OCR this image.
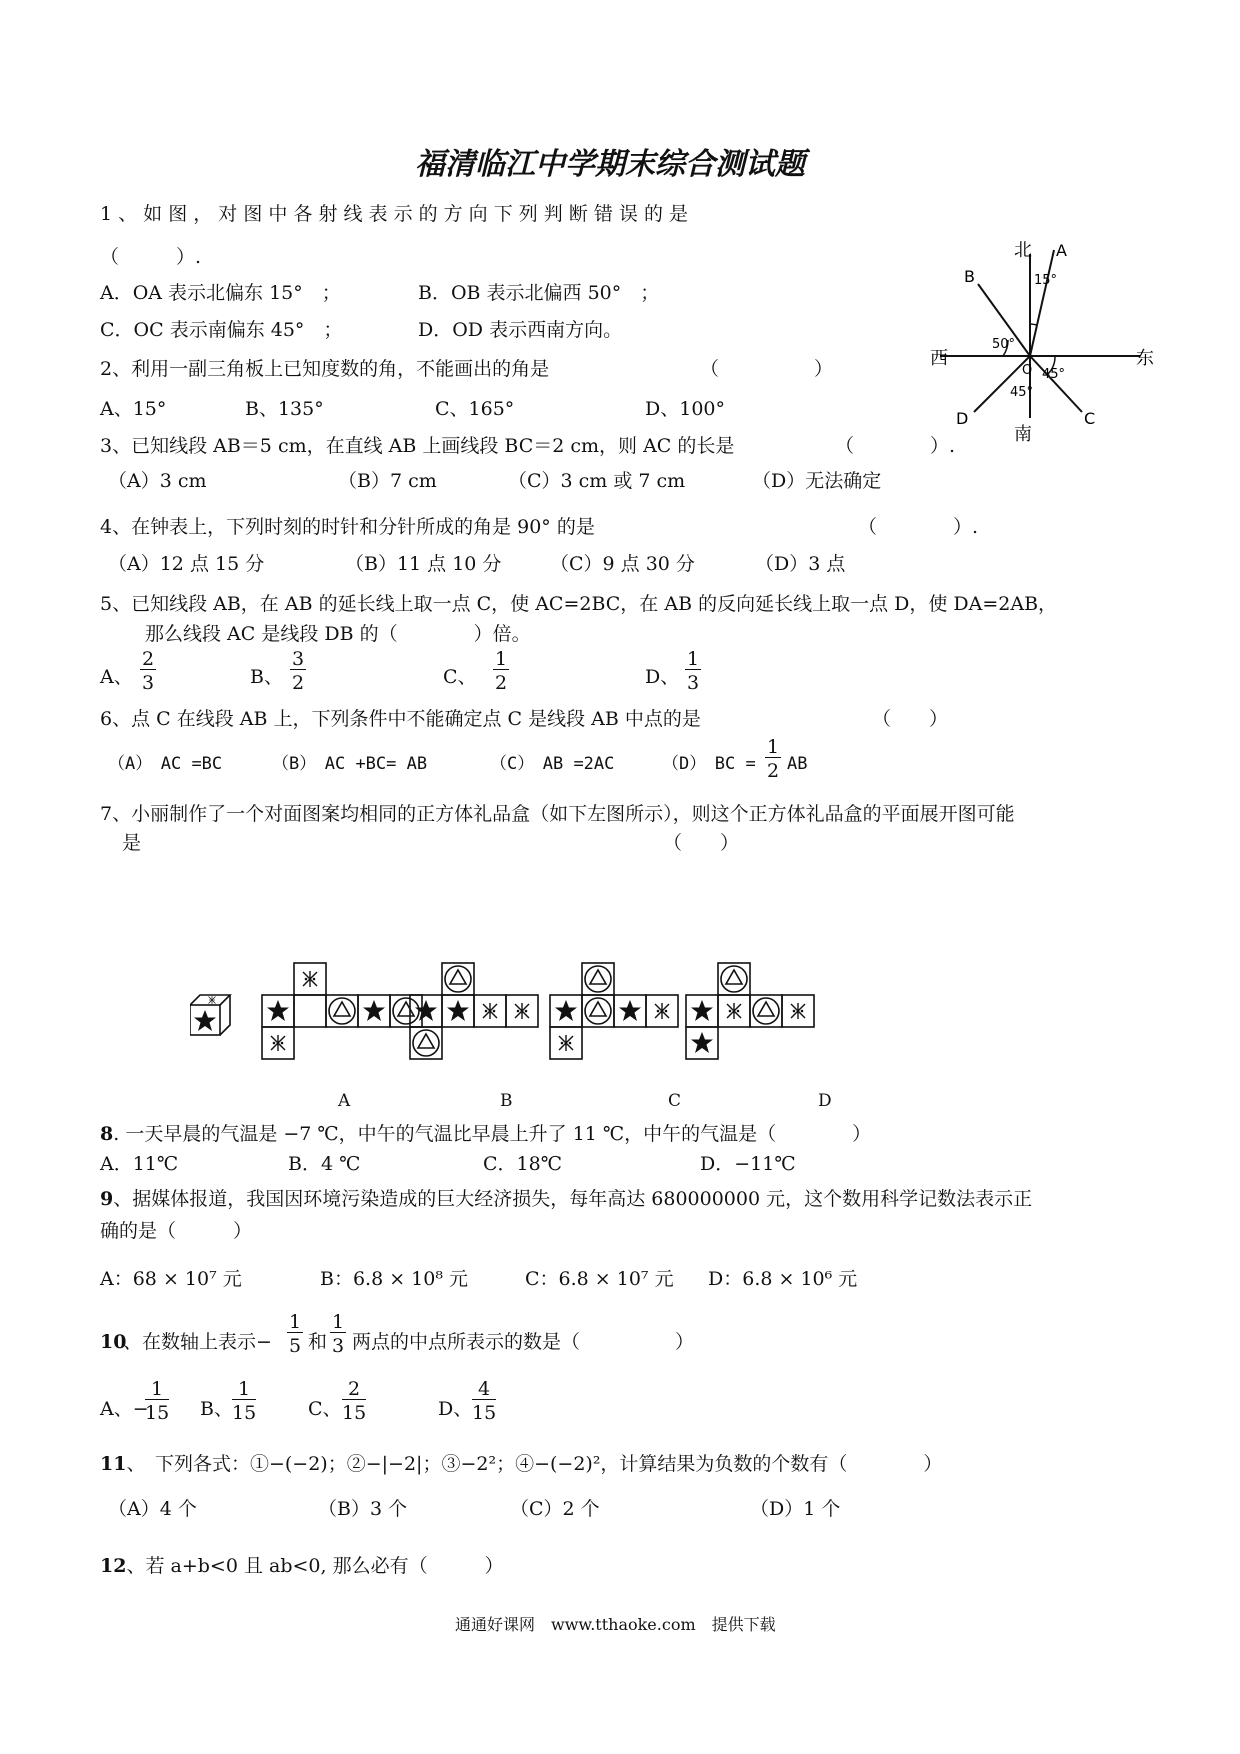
福清临江中学期末综合测试题
1 、 如 图 ， 对 图 中 各 射 线 表 示 的 方 向 下 列 判 断 错 误 的 是
（　　　）.
A．OA 表示北偏东 15°　；	B．OB 表示北偏西 50°　；
C．OC 表示南偏东 45°　；	D．OD 表示西南方向。
北
南
西	东
A
B
C
D
O
15°
50°
45°
45°
2、利用一副三角板上已知度数的角，不能画出的角是	（　　　　　）
A、15°	B、135°	C、165°	D、100°
3、已知线段 AB＝5 cm，在直线 AB 上画线段 BC＝2 cm，则 AC 的长是	（　　　　）.
（A）3 cm	（B）7 cm	（C）3 cm 或 7 cm	（D）无法确定
4、在钟表上，下列时刻的时针和分针所成的角是 90° 的是	（　　　　）.
（A）12 点 15 分	（B）11 点 10 分	（C）9 点 30 分	（D）3 点
5、已知线段 AB，在 AB 的延长线上取一点 C，使 AC=2BC，在 AB 的反向延长线上取一点 D，使 DA=2AB，
那么线段 AC 是线段 DB 的（　　　　）倍。
A、 $\frac{2}{3}$	B、 $\frac{3}{2}$	C、 $\frac{1}{2}$	D、 $\frac{1}{3}$
6、点 C 在线段 AB 上，下列条件中不能确定点 C 是线段 AB 中点的是	（　　）
（A）　AC =BC	（B）　AC +BC= AB	（C）　AB =2AC	（D）　BC = $\frac{1}{2}$ AB
7、小丽制作了一个对面图案均相同的正方体礼品盒（如下左图所示），则这个正方体礼品盒的平面展开图可能
是	（　　）
A	B	C	D
8. 一天早晨的气温是 −7 ℃，中午的气温比早晨上升了 11 ℃，中午的气温是（　　　　）
A．11℃	B．4 ℃	C．18℃	D．−11℃
9、据媒体报道，我国因环境污染造成的巨大经济损失，每年高达 680000000 元，这个数用科学记数法表示正
确的是（　　　）
A：68 × 10⁷ 元	B：6.8 × 10⁸ 元	C：6.8 × 10⁷ 元 D：6.8 × 10⁶ 元
10
、在数轴上表示− $\frac{1}{5}$ 和 $\frac{1}{3}$ 两点的中点所表示的数是（　　　　　）
A、−
$\frac{1}{15}$ B、 $\frac{1}{15}$	C、 $\frac{2}{15}$	D、 $\frac{4}{15}$
11、　下列各式：①−(−2)；②−|−2|；③−2²；④−(−2)²，计算结果为负数的个数有（　　　　）
（A）4 个	（B）3 个	（C）2 个	（D）1 个
12、若 a+b<0 且 ab<0, 那么必有（　　　）
通通好课网　www.tthaoke.com　提供下载
